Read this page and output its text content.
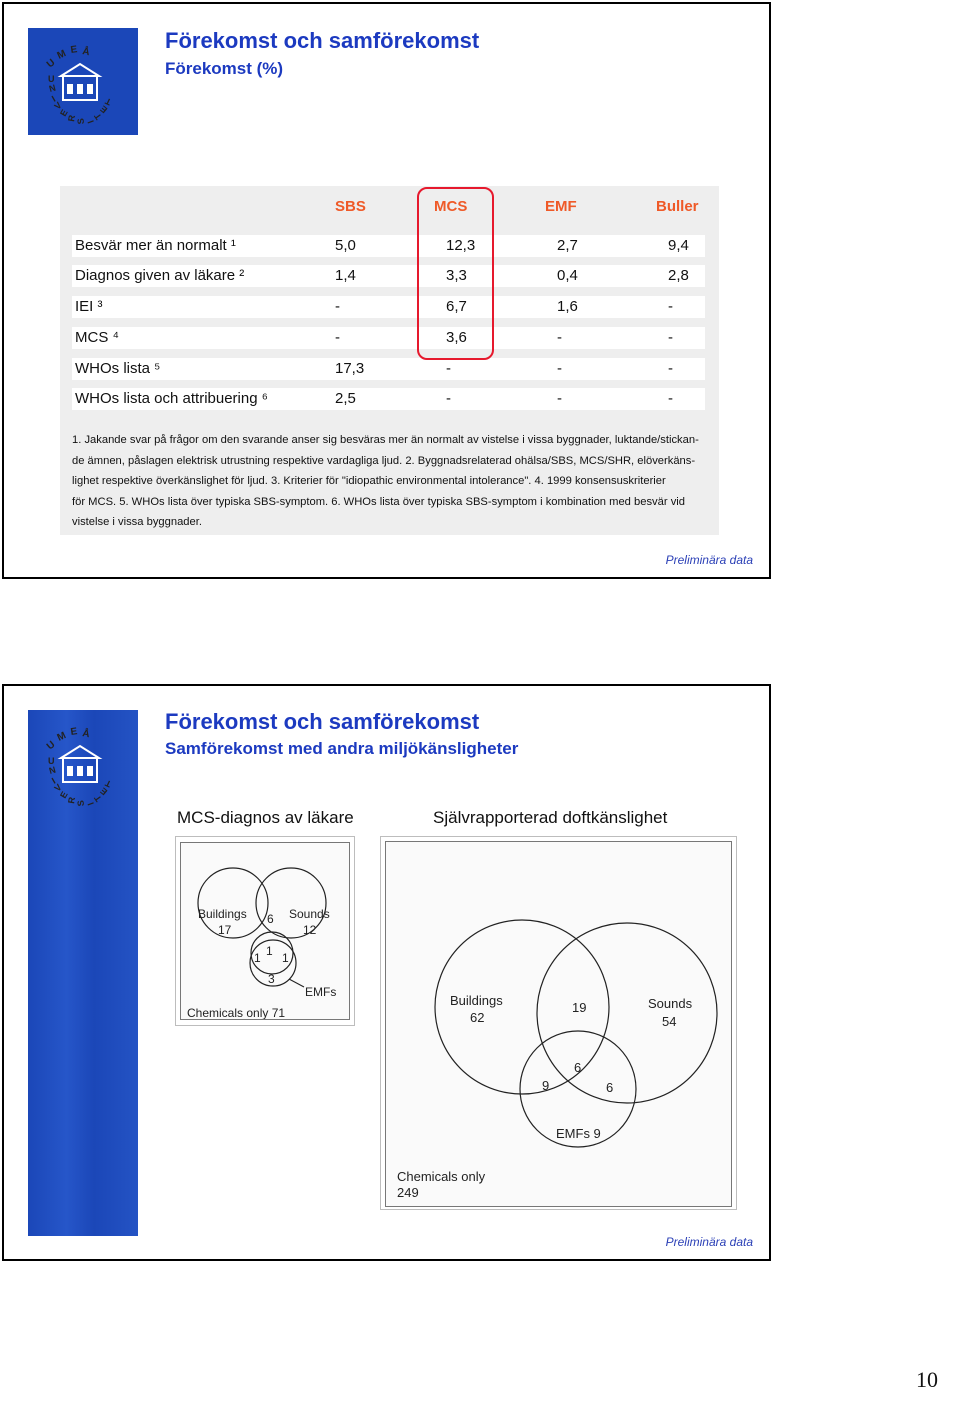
U
M E Å
U
N
I
V
E
R
S I
T
E
T
Förekomst och samförekomst
Förekomst (%)
SBS	MCS	EMF	Buller
Besvär mer än normalt ¹	5,0	12,3	2,7	9,4
Diagnos given av läkare ²	1,4	3,3	0,4	2,8
IEI ³	-	6,7	1,6	-
MCS ⁴	-	3,6	-	-
WHOs lista ⁵	17,3	-	-	-
WHOs lista och attribuering ⁶	2,5	-	-	-
1. Jakande svar på frågor om den svarande anser sig besväras mer än normalt av vistelse i vissa byggnader, luktande/stickan-
de ämnen, påslagen elektrisk utrustning respektive vardagliga ljud. 2. Byggnadsrelaterad ohälsa/SBS, MCS/SHR, elöverkäns-
lighet respektive överkänslighet för ljud. 3. Kriterier för "idiopathic environmental intolerance". 4. 1999 konsensuskriterier
för MCS. 5. WHOs lista över typiska SBS-symptom. 6. WHOs lista över typiska SBS-symptom i kombination med besvär vid
vistelse i vissa byggnader.
Preliminära data
U
M E Å
U
N
I
V
E
R
S I
T
E
T
Förekomst och samförekomst
Samförekomst med andra miljökänsligheter
MCS-diagnos av läkare	Självrapporterad doftkänslighet
Buildings
17
6 Sounds
12
1
1 1
3
EMFs
Chemicals only 71
Buildings
62
19	Sounds
54
9
6
6
EMFs 9
Chemicals only
249
Preliminära data
10
